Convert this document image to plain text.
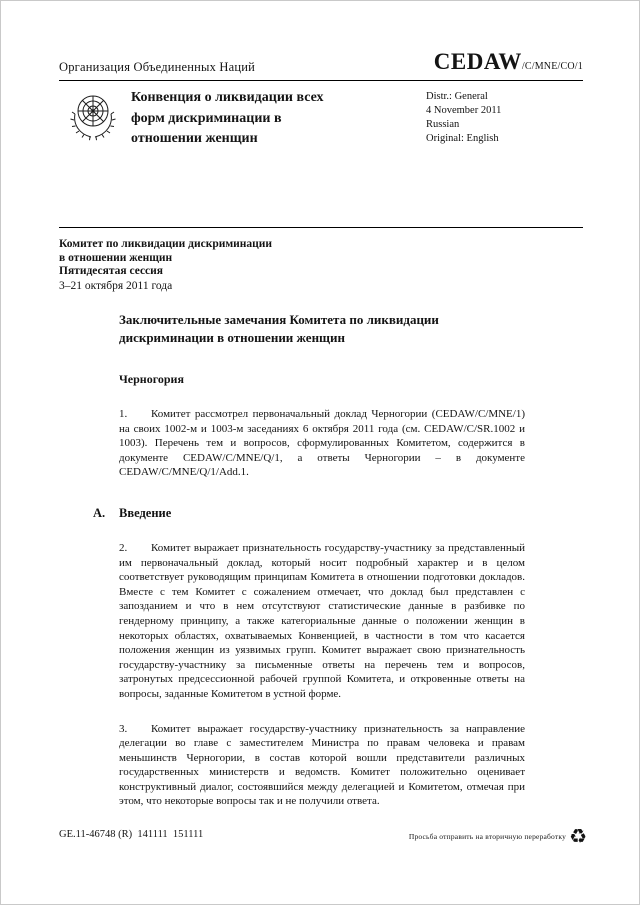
Организация Объединенных Наций	CEDAW/C/MNE/CO/1
Конвенция о ликвидации всех форм дискриминации в отношении женщин
Distr.: General
4 November 2011
Russian
Original: English
Комитет по ликвидации дискриминации
в отношении женщин
Пятидесятая сессия
3–21 октября 2011 года
Заключительные замечания Комитета по ликвидации дискриминации в отношении женщин
Черногория

1. Комитет рассмотрел первоначальный доклад Черногории (CEDAW/C/MNE/1) на своих 1002-м и 1003-м заседаниях 6 октября 2011 года (см. CEDAW/C/SR.1002 и 1003). Перечень тем и вопросов, сформулированных Комитетом, содержится в документе CEDAW/C/MNE/Q/1, а ответы Черногории – в документе CEDAW/C/MNE/Q/1/Add.1.

A. Введение

2. Комитет выражает признательность государству-участнику за представленный им первоначальный доклад, который носит подробный характер и в целом соответствует руководящим принципам Комитета в отношении подготовки докладов. Вместе с тем Комитет с сожалением отмечает, что доклад был представлен с запозданием и что в нем отсутствуют статистические данные в разбивке по гендерному принципу, а также категориальные данные о положении женщин в некоторых областях, охватываемых Конвенцией, в частности в том что касается положения женщин из уязвимых групп. Комитет выражает свою признательность государству-участнику за письменные ответы на перечень тем и вопросов, затронутых предсессионной рабочей группой Комитета, и откровенные ответы на вопросы, заданные Комитетом в устной форме.

3. Комитет выражает государству-участнику признательность за направление делегации во главе с заместителем Министра по правам человека и правам меньшинств Черногории, в состав которой вошли представители различных государственных министерств и ведомств. Комитет положительно оценивает конструктивный диалог, состоявшийся между делегацией и Комитетом, отмечая при этом, что некоторые вопросы так и не получили ответа.

GE.11-46748 (R) 141111 151111	Просьба отправить на вторичную переработку ♻
